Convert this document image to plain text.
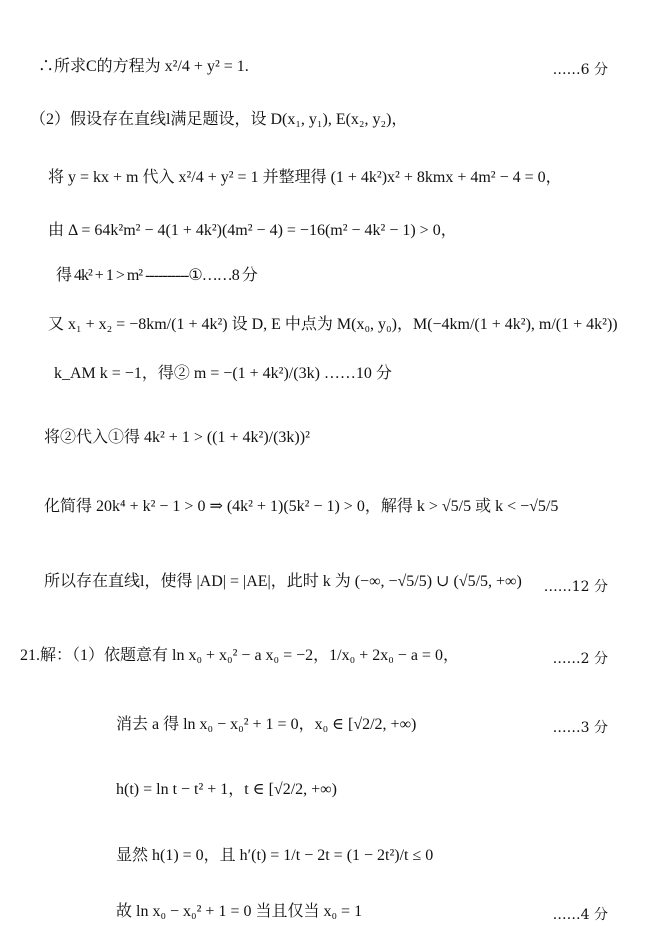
∴所求C的方程为 x²/4 + y² = 1.	……6 分
（2）假设存在直线l满足题设，设 D(x₁, y₁), E(x₂, y₂)，
将 y = kx + m 代入 x²/4 + y² = 1 并整理得 (1 + 4k²)x² + 8kmx + 4m² − 4 = 0，
由 Δ = 64k²m² − 4(1 + 4k²)(4m² − 4) = −16(m² − 4k² − 1) > 0，
得 4k² + 1 > m² ----------①……8 分
又 x₁ + x₂ = −8km/(1 + 4k²) 设 D, E 中点为 M(x₀, y₀)，M(−4km/(1 + 4k²), m/(1 + 4k²))
k_AM k = −1，得② m = −(1 + 4k²)/(3k) ……10 分
将②代入①得 4k² + 1 > ((1 + 4k²)/(3k))²
化简得 20k⁴ + k² − 1 > 0 ⇒ (4k² + 1)(5k² − 1) > 0，解得 k > √5/5 或 k < −√5/5
所以存在直线l，使得 |AD| = |AE|，此时 k 为 (−∞, −√5/5) ∪ (√5/5, +∞) ……12 分
21.解：（1）依题意有 ln x₀ + x₀² − a x₀ = −2，1/x₀ + 2x₀ − a = 0，	……2 分
消去 a 得 ln x₀ − x₀² + 1 = 0，x₀ ∈ [√2/2, +∞)	……3 分
h(t) = ln t − t² + 1，t ∈ [√2/2, +∞)
显然 h(1) = 0，且 h′(t) = 1/t − 2t = (1 − 2t²)/t ≤ 0
故 ln x₀ − x₀² + 1 = 0 当且仅当 x₀ = 1	……4 分
